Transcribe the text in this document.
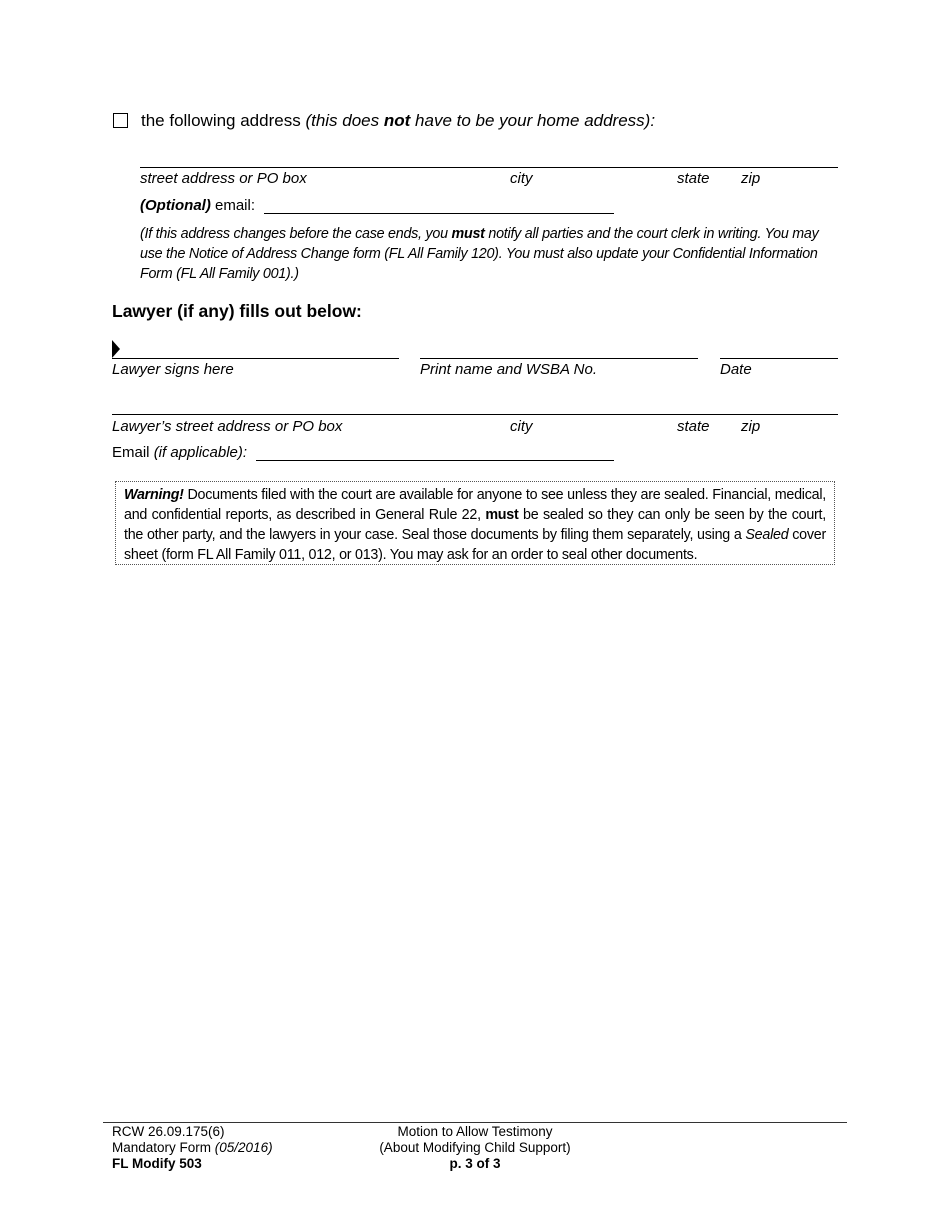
the following address (this does not have to be your home address):
street address or PO box	city	state zip
(Optional) email:
(If this address changes before the case ends, you must notify all parties and the court clerk in writing. You may use the Notice of Address Change form (FL All Family 120). You must also update your Confidential Information Form (FL All Family 001).)
Lawyer (if any) fills out below:
Lawyer signs here	Print name and WSBA No.	Date
Lawyer’s street address or PO box	city	state zip
Email (if applicable):
Warning! Documents filed with the court are available for anyone to see unless they are sealed. Financial, medical, and confidential reports, as described in General Rule 22, must be sealed so they can only be seen by the court, the other party, and the lawyers in your case. Seal those documents by filing them separately, using a Sealed cover sheet (form FL All Family 011, 012, or 013). You may ask for an order to seal other documents.
RCW 26.09.175(6)
Mandatory Form (05/2016)
FL Modify 503
Motion to Allow Testimony
(About Modifying Child Support)
p. 3 of 3
